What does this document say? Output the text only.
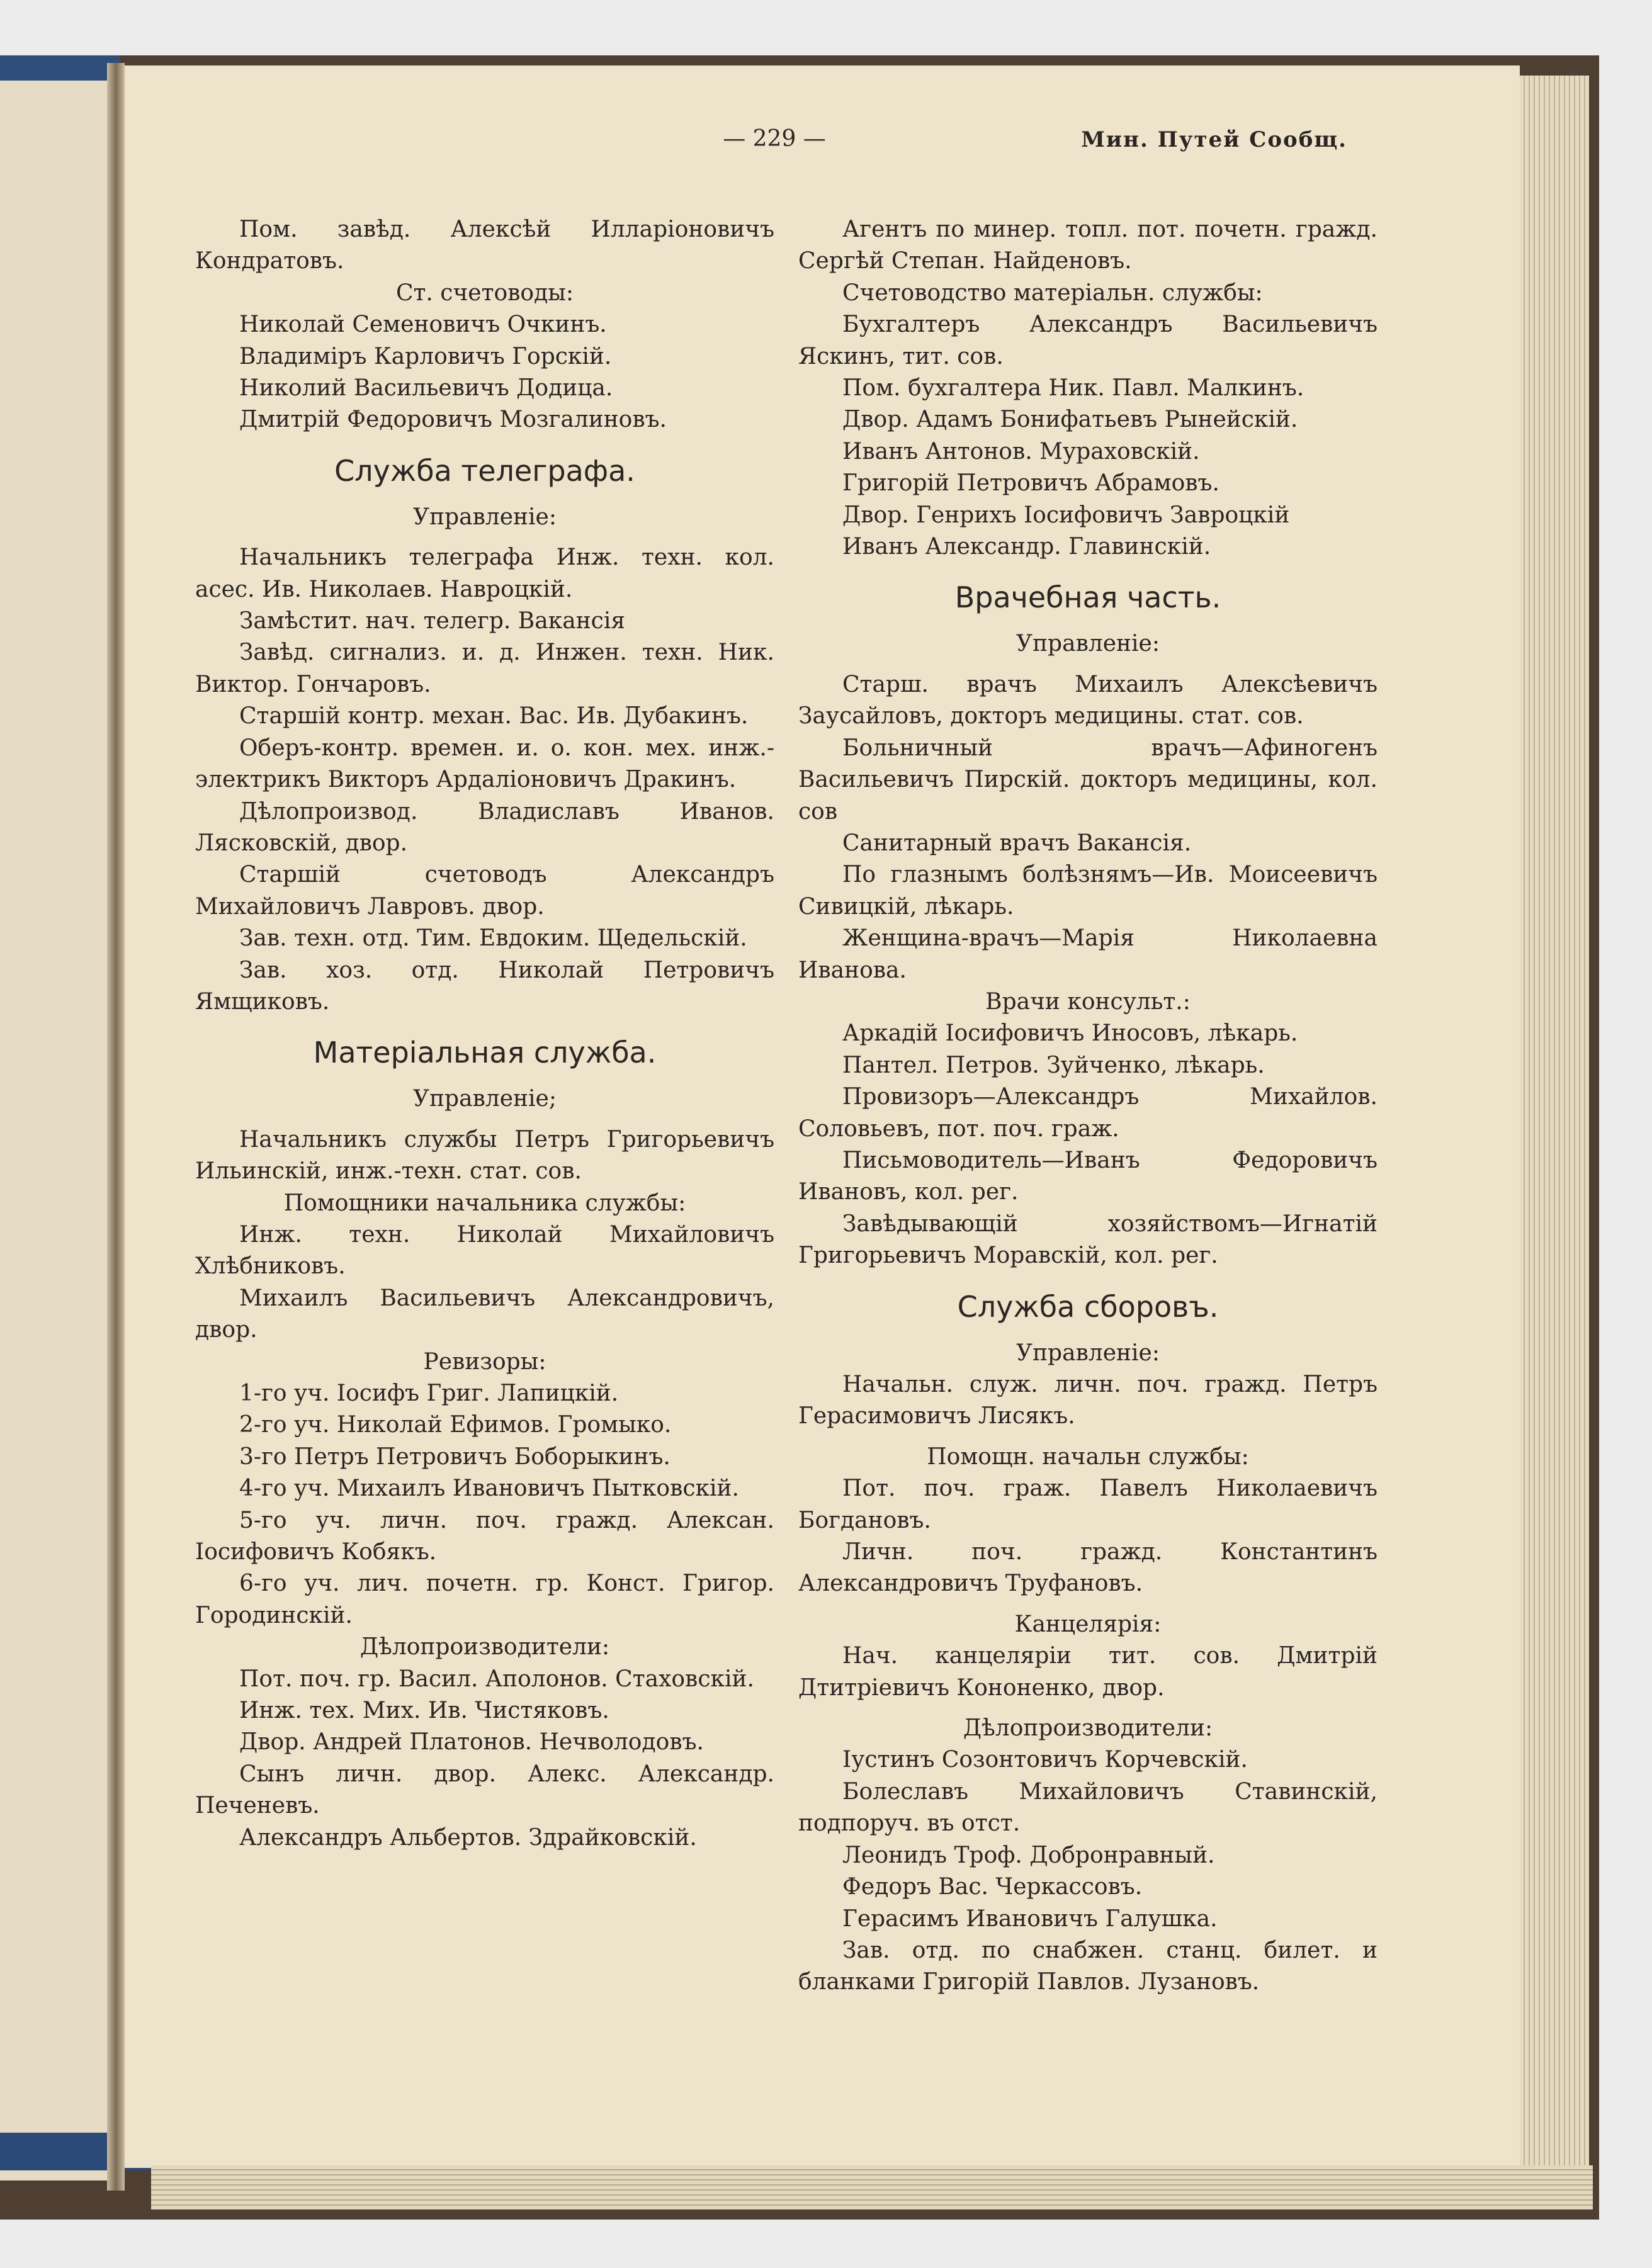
— 229 —	Мин. Путей Сообщ.

Пом. завѣд. Алексѣй Илларіоновичъ Кондратовъ.

Ст. счетоводы:

Николай Семеновичъ Очкинъ.

Владиміръ Карловичъ Горскій.

Николий Васильевичъ Додица.

Дмитрій Федоровичъ Мозгалиновъ.

Служба телеграфа.

Управленіе:

Начальникъ телеграфа Инж. техн. кол. асес. Ив. Николаев. Навроцкій.

Замѣстит. нач. телегр. Вакансія

Завѣд. сигнализ. и. д. Инжен. техн. Ник. Виктор. Гончаровъ.

Старшій контр. механ. Вас. Ив. Дубакинъ.

Оберъ-контр. времен. и. о. кон. мех. инж.-электрикъ Викторъ Ардаліоновичъ Дракинъ.

Дѣлопроизвод. Владиславъ Иванов. Лясковскій, двор.

Старшій счетоводъ Александръ Михайловичъ Лавровъ. двор.

Зав. техн. отд. Тим. Евдоким. Щедельскій.

Зав. хоз. отд. Николай Петровичъ Ямщиковъ.

Матеріальная служба.

Управленіе;

Начальникъ службы Петръ Григорьевичъ Ильинскій, инж.-техн. стат. сов.

Помощники начальника службы:

Инж. техн. Николай Михайловичъ Хлѣбниковъ.

Михаилъ Васильевичъ Александровичъ, двор.

Ревизоры:

1-го уч. Іосифъ Григ. Лапицкій.

2-го уч. Николай Ефимов. Громыко.

3-го Петръ Петровичъ Боборыкинъ.

4-го уч. Михаилъ Ивановичъ Пытковскій.

5-го уч. личн. поч. гражд. Алексан. Іосифовичъ Кобякъ.

6-го уч. лич. почетн. гр. Конст. Григор. Городинскій.

Дѣлопроизводители:

Пот. поч. гр. Васил. Аполонов. Стаховскій.

Инж. тех. Мих. Ив. Чистяковъ.

Двор. Андрей Платонов. Нечволодовъ.

Сынъ личн. двор. Алекс. Александр. Печеневъ.

Александръ Альбертов. Здрайковскій.

Агентъ по минер. топл. пот. почетн. гражд. Сергѣй Степан. Найденовъ.

Счетоводство матеріальн. службы:

Бухгалтеръ Александръ Васильевичъ Яскинъ, тит. сов.

Пом. бухгалтера Ник. Павл. Малкинъ.

Двор. Адамъ Бонифатьевъ Рынейскій.

Иванъ Антонов. Мураховскій.

Григорій Петровичъ Абрамовъ.

Двор. Генрихъ Іосифовичъ Завроцкій

Иванъ Александр. Главинскій.

Врачебная часть.

Управленіе:

Старш. врачъ Михаилъ Алексѣевичъ Заусайловъ, докторъ медицины. стат. сов.

Больничный врачъ—Афиногенъ Васильевичъ Пирскій. докторъ медицины, кол. сов

Санитарный врачъ Вакансія.

По глазнымъ болѣзнямъ—Ив. Моисеевичъ Сивицкій, лѣкарь.

Женщина-врачъ—Марія Николаевна Иванова.

Врачи консульт.:

Аркадій Іосифовичъ Иносовъ, лѣкарь.

Пантел. Петров. Зуйченко, лѣкарь.

Провизоръ—Александръ Михайлов. Соловьевъ, пот. поч. граж.

Письмоводитель—Иванъ Федоровичъ Ивановъ, кол. рег.

Завѣдывающій хозяйствомъ—Игнатій Григорьевичъ Моравскій, кол. рег.

Служба сборовъ.

Управленіе:

Начальн. служ. личн. поч. гражд. Петръ Герасимовичъ Лисякъ.

Помощн. начальн службы:

Пот. поч. граж. Павелъ Николаевичъ Богдановъ.

Личн. поч. гражд. Константинъ Александровичъ Труфановъ.

Канцелярія:

Нач. канцеляріи тит. сов. Дмитрій Дтитріевичъ Кононенко, двор.

Дѣлопроизводители:

Іустинъ Созонтовичъ Корчевскій.

Болеславъ Михайловичъ Ставинскій, подпоруч. въ отст.

Леонидъ Троф. Добронравный.

Федоръ Вас. Черкассовъ.

Герасимъ Ивановичъ Галушка.

Зав. отд. по снабжен. станц. билет. и бланками Григорій Павлов. Лузановъ.
